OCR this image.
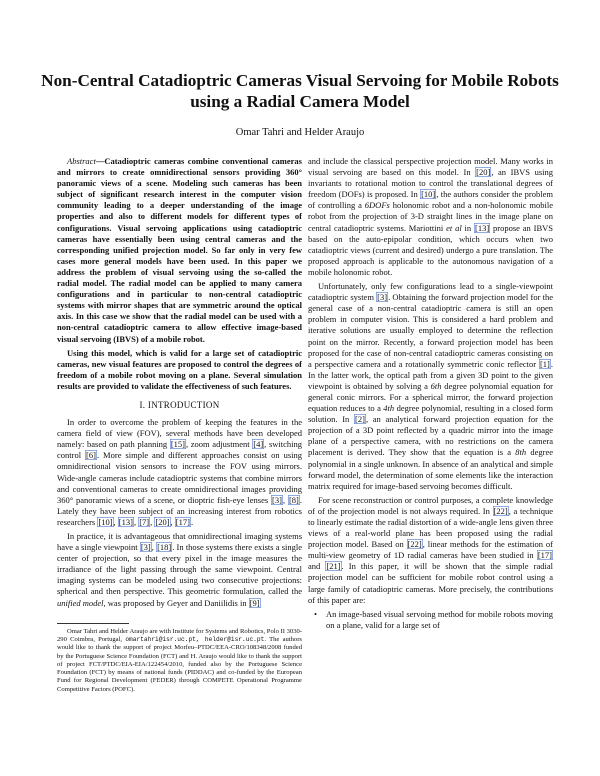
Non-Central Catadioptric Cameras Visual Servoing for Mobile Robots
using a Radial Camera Model

Omar Tahri and Helder Araujo

Abstract—Catadioptric cameras combine conventional cameras and mirrors to create omnidirectional sensors providing 360° panoramic views of a scene. Modeling such cameras has been subject of significant research interest in the computer vision community leading to a deeper understanding of the image properties and also to different models for different types of configurations. Visual servoing applications using catadioptric cameras have essentially been using central cameras and the corresponding unified projection model. So far only in very few cases more general models have been used. In this paper we address the problem of visual servoing using the so-called the radial model. The radial model can be applied to many camera configurations and in particular to non-central catadioptric systems with mirror shapes that are symmetric around the optical axis. In this case we show that the radial model can be used with a non-central catadioptric camera to allow effective image-based visual servoing (IBVS) of a mobile robot.

Using this model, which is valid for a large set of catadioptric cameras, new visual features are proposed to control the degrees of freedom of a mobile robot moving on a plane. Several simulation results are provided to validate the effectiveness of such features.

I. INTRODUCTION

In order to overcome the problem of keeping the features in the camera field of view (FOV), several methods have been developed namely: based on path planning [15], zoom adjustment [4], switching control [6]. More simple and different approaches consist on using omnidirectional vision sensors to increase the FOV using mirrors. Wide-angle cameras include catadioptric systems that combine mirrors and conventional cameras to create omnidirectional images providing 360° panoramic views of a scene, or dioptric fish-eye lenses [3], [8]. Lately they have been subject of an increasing interest from robotics researchers [10], [13], [7], [20], [17].

In practice, it is advantageous that omnidirectional imaging systems have a single viewpoint [3], [18]. In those systems there exists a single center of projection, so that every pixel in the image measures the irradiance of the light passing through the same viewpoint. Central imaging systems can be modeled using two consecutive projections: spherical and then perspective. This geometric formulation, called the unified model, was proposed by Geyer and Daniilidis in [9]

Omar Tahri and Helder Araujo are with Institute for Systems and Robotics, Polo II 3030-290 Coimbra, Portugal, omartahri@isr.uc.pt, helder@isr.uc.pt. The authors would like to thank the support of project Morfeu–PTDC/EEA-CRO/108348/2008 funded by the Portuguese Science Foundation (FCT) and H. Araujo would like to thank the support of project FCT/PTDC/EIA-EIA/122454/2010, funded also by the Portuguese Science Foundation (FCT) by means of national funds (PIDDAC) and co-funded by the European Fund for Regional Development (FEDER) through COMPETE Operational Programme Competitive Factors (POFC).

and include the classical perspective projection model. Many works in visual servoing are based on this model. In [20], an IBVS using invariants to rotational motion to control the translational degrees of freedom (DOFs) is proposed. In [10], the authors consider the problem of controlling a 6DOFs holonomic robot and a non-holonomic mobile robot from the projection of 3-D straight lines in the image plane on central catadioptric systems. Mariottini et al in [13] propose an IBVS based on the auto-epipolar condition, which occurs when two catadioptric views (current and desired) undergo a pure translation. The proposed approach is applicable to the autonomous navigation of a mobile holonomic robot.

Unfortunately, only few configurations lead to a single-viewpoint catadioptric system [3]. Obtaining the forward projection model for the general case of a non-central catadioptric camera is still an open problem in computer vision. This is considered a hard problem and iterative solutions are usually employed to determine the reflection point on the mirror. Recently, a forward projection model has been proposed for the case of non-central catadioptric cameras consisting on a perspective camera and a rotationally symmetric conic reflector [1]. In the latter work, the optical path from a given 3D point to the given viewpoint is obtained by solving a 6th degree polynomial equation for general conic mirrors. For a spherical mirror, the forward projection equation reduces to a 4th degree polynomial, resulting in a closed form solution. In [2], an analytical forward projection equation for the projection of a 3D point reflected by a quadric mirror into the image plane of a perspective camera, with no restrictions on the camera placement is derived. They show that the equation is a 8th degree polynomial in a single unknown. In absence of an analytical and simple forward model, the determination of some elements like the interaction matrix required for image-based servoing becomes difficult.

For scene reconstruction or control purposes, a complete knowledge of of the projection model is not always required. In [22], a technique to linearly estimate the radial distortion of a wide-angle lens given three views of a real-world plane has been proposed using the radial projection model. Based on [22], linear methods for the estimation of multi-view geometry of 1D radial cameras have been studied in [17] and [21]. In this paper, it will be shown that the simple radial projection model can be sufficient for mobile robot control using a large family of catadioptric cameras. More precisely, the contributions of this paper are:

• An image-based visual servoing method for mobile robots moving on a plane, valid for a large set of
